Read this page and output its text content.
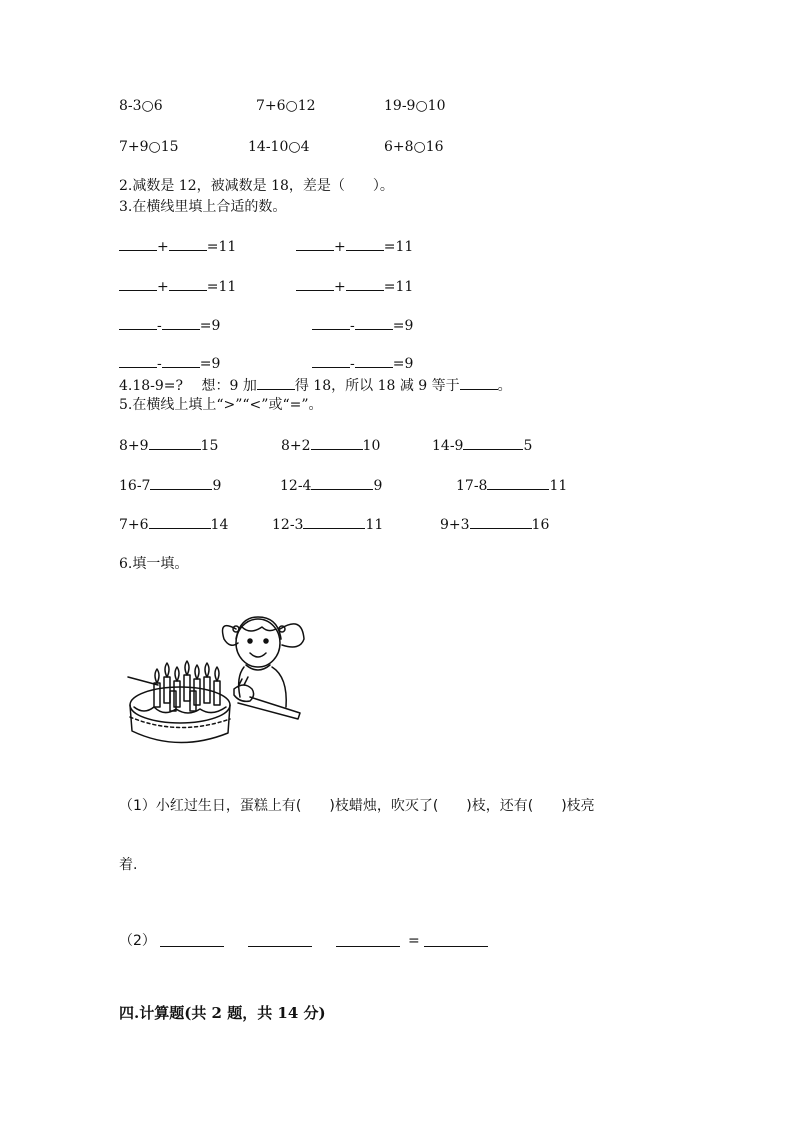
8-3○6	7+6○12	19-9○10
7+9○15	14-10○4	6+8○16
2.减数是 12，被减数是 18，差是（　　）。
3.在横线里填上合适的数。
+	=11	+	=11
+	=11	+	=11
-	=9	-	=9
-	=9	-	=9
4.18-9=?　 想：9 加	得 18，所以 18 减 9 等于	。
5.在横线上填上“>”“<”或“=”。
8+9	15	8+2	10	14-9	5
16-7	9	12-4	9	17-8	11
7+6	14	12-3	11	9+3	16
6.填一填。
（1）小红过生日，蛋糕上有(　　)枝蜡烛，吹灭了(　　)枝，还有(　　)枝亮
着.
（2）	=
四.计算题(共 2 题，共 14 分)
